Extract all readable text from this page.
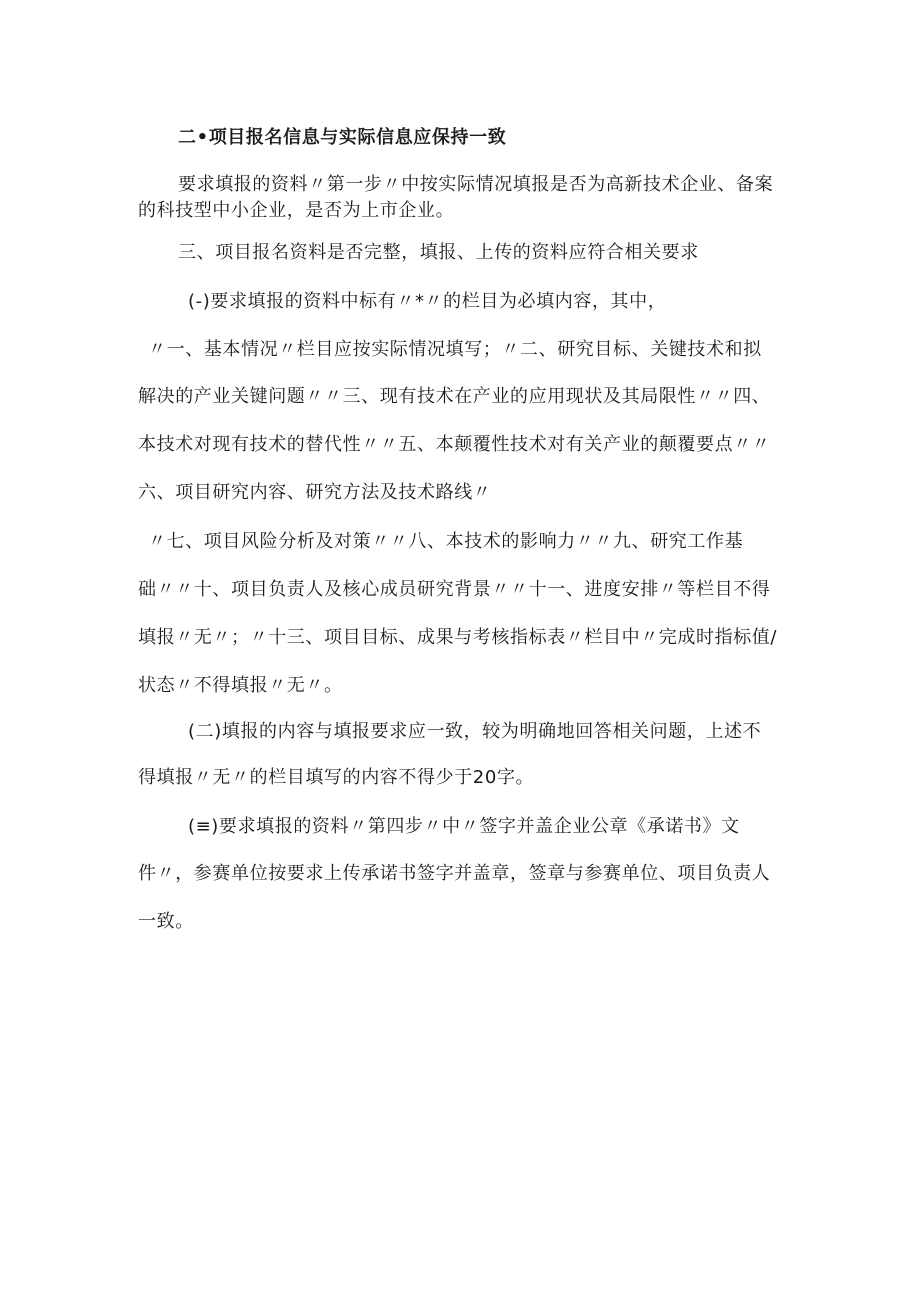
二•项目报名信息与实际信息应保持一致
要求填报的资料〃第一步〃中按实际情况填报是否为高新技术企业、备案
的科技型中小企业，是否为上市企业。
三、项目报名资料是否完整，填报、上传的资料应符合相关要求
(-)要求填报的资料中标有〃*〃的栏目为必填内容，其中，
〃一、基本情况〃栏目应按实际情况填写；〃二、研究目标、关键技术和拟
解决的产业关键问题〃〃三、现有技术在产业的应用现状及其局限性〃〃四、
本技术对现有技术的替代性〃〃五、本颠覆性技术对有关产业的颠覆要点〃〃
六、项目研究内容、研究方法及技术路线〃
〃七、项目风险分析及对策〃〃八、本技术的影响力〃〃九、研究工作基
础〃〃十、项目负责人及核心成员研究背景〃〃十一、进度安排〃等栏目不得
填报〃无〃；〃十三、项目目标、成果与考核指标表〃栏目中〃完成时指标值/
状态〃不得填报〃无〃。
(二)填报的内容与填报要求应一致，较为明确地回答相关问题，上述不
得填报〃无〃的栏目填写的内容不得少于20字。
(≡)要求填报的资料〃第四步〃中〃签字并盖企业公章《承诺书》文
件〃，参赛单位按要求上传承诺书签字并盖章，签章与参赛单位、项目负责人
一致。
